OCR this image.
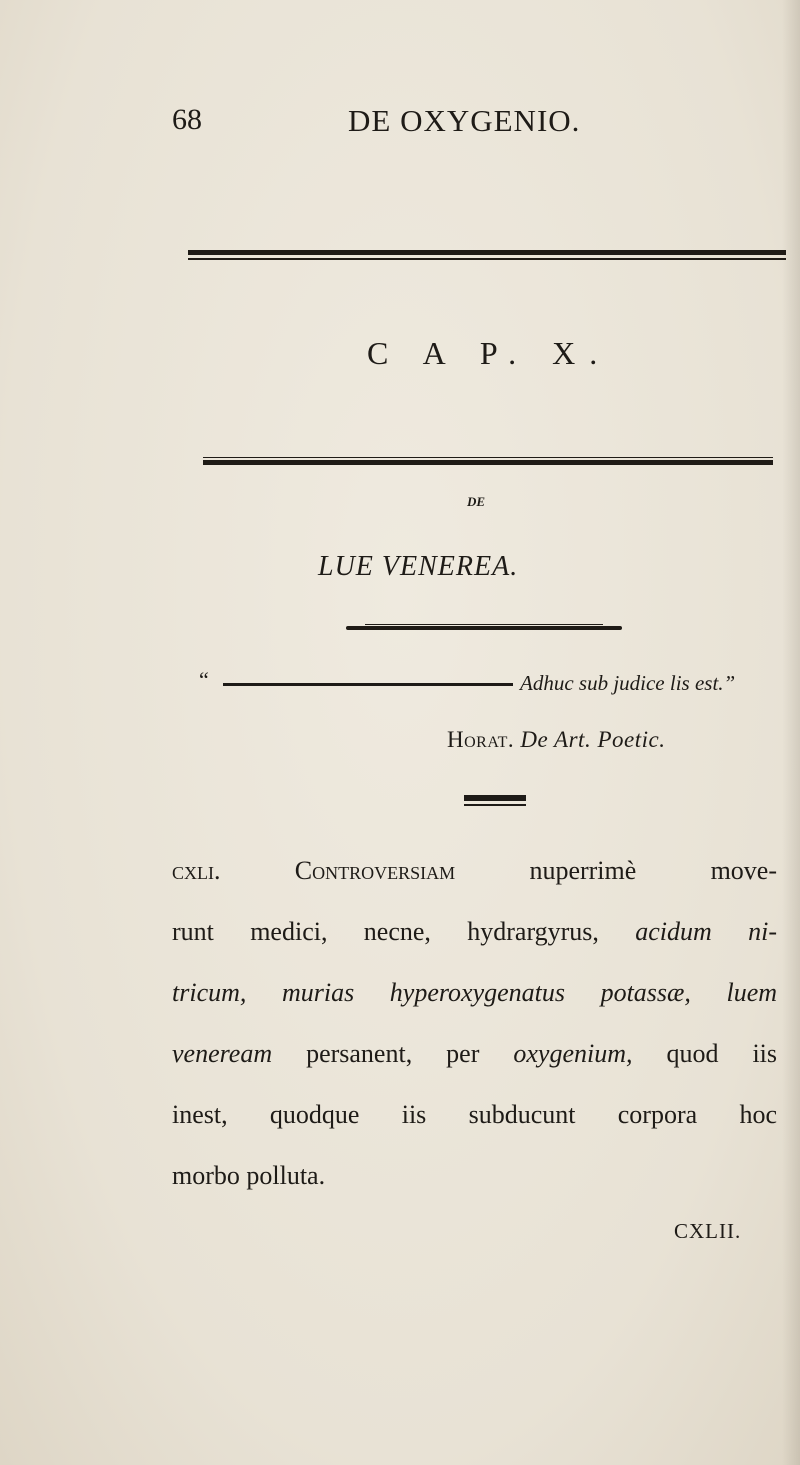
68	DE OXYGENIO.
C A P. X.
DE
LUE VENEREA.
“	Adhuc sub judice lis est.”
Horat. De Art. Poetic.
cxli.	Controversiam	nuperrimè move-
runt medici, necne, hydrargyrus, acidum ni-
tricum, murias hyperoxygenatus potassæ, luem
veneream persanent, per oxygenium, quod iis
inest, quodque iis subducunt corpora hoc
morbo polluta.
CXLII.
